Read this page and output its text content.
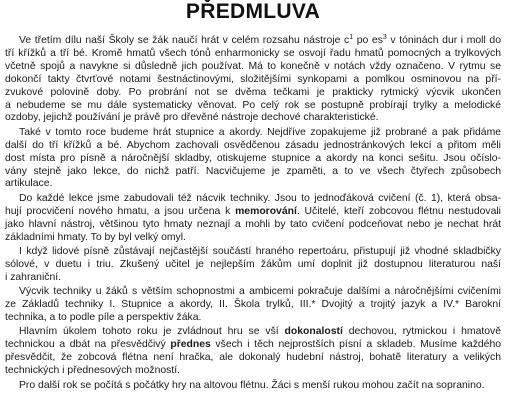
PŘEDMLUVA

Ve třetím dílu naší Školy se žák naučí hrát v celém rozsahu nástroje $c^1$ po $es^3$ v tóninách dur i moll do
tří křížků a tří bé. Kromě hmatů všech tónů enharmonicky se osvojí řadu hmatů pomocných a trylkových
včetně spojů a navykne si důsledně jich používat. Má to konečně v notách vždy označeno. V rytmu se
dokončí takty čtvrťové notami šestnáctinovými, složitějšími synkopami a pomlkou osminovou na pří-
zvukové polovině doby. Po probrání not se dvěma tečkami je prakticky rytmický výcvik ukončen
a nebudeme se mu dále systematicky věnovat. Po celý rok se postupně probírají trylky a melodické
ozdoby, jejichž používání je právě pro dřevěné nástroje dechové charakteristické.

Také v tomto roce budeme hrát stupnice a akordy. Nejdříve zopakujeme již probrané a pak přidáme
další do tří křížků a bé. Abychom zachovali osvědčenou zásadu jednostránkových lekcí a přitom měli
dost místa pro písně a náročnější skladby, otiskujeme stupnice a akordy na konci sešitu. Jsou očíslo-
vány stejně jako lekce, do nichž patří. Nacvičujeme je zpaměti, a to ve všech čtyřech způsobech
artikulace.

Do každé lekce jsme zabudovali též nácvik techniky. Jsou to jednoďáková cvičení (č. 1), která obsa-
hují procvičení nového hmatu, a jsou určena k memorování. Učitelé, kteří zobcovou flétnu nestudovali
jako hlavní nástroj, většinou tyto hmaty neznají a mohli by tato cvičení podceňovat nebo je nechat hrát
základními hmaty. To by byl velký omyl.

I když lidové písně zůstávají nejčastější součástí hraného repertoáru, přistupují již vhodné skladbičky
sólové, v duetu i triu. Zkušený učitel je nejlepším žákům umí doplnit již dostupnou literaturou naší
i zahraniční.

Výcvik techniky u žáků s větším schopnostmi a ambicemi pokračuje dalšími a náročnějšími cvičeními
ze Základů techniky I. Stupnice a akordy, II. Škola trylků, III.* Dvojitý a trojitý jazyk a IV.* Barokní
technika, a to podle píle a perspektiv žáka.

Hlavním úkolem tohoto roku je zvládnout hru se vší dokonalostí dechovou, rytmickou i hmatově
technickou a dbát na přesvědčivý přednes všech i těch nejprostších písní a skladeb. Musíme každého
přesvědčit, že zobcová flétna není hračka, ale dokonalý hudební nástroj, bohatě literatury a velikých
technických i přednesových možností.

Pro další rok se počítá s počátky hry na altovou flétnu. Žáci s menší rukou mohou začít na sopranino.
